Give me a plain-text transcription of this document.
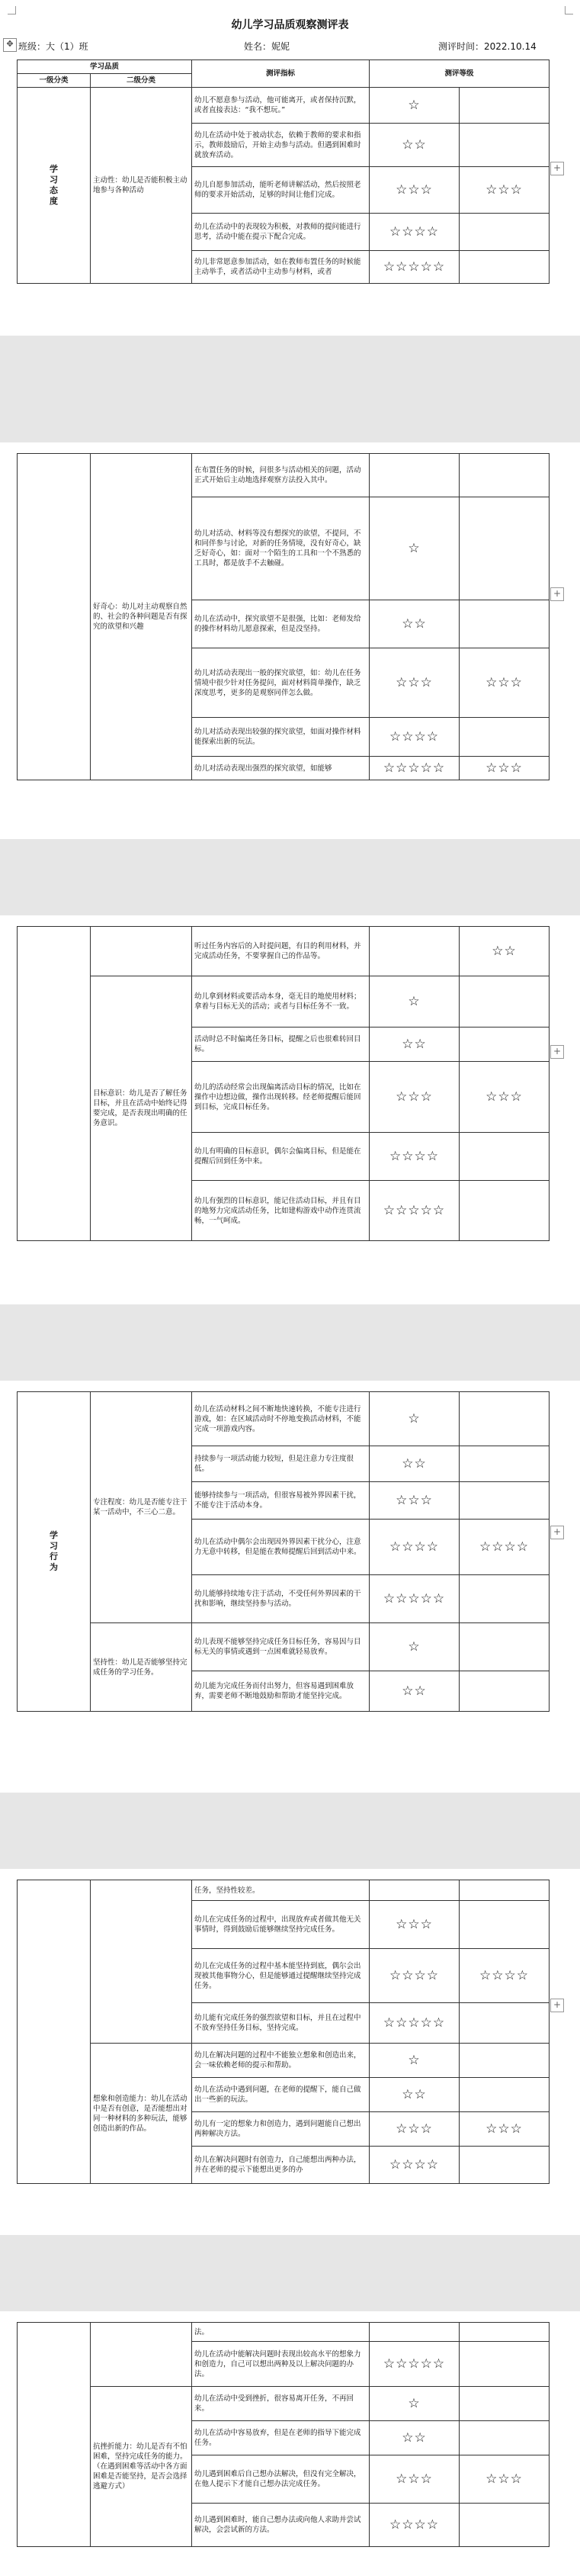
幼儿学习品质观察测评表
✥ 班级：大（1）班	姓名：妮妮	测评时间：2022.10.14
+
学习品质		测评指标	测评等级	
一级分类	二级分类			
学习态度	主动性：幼儿是否能积极主动地参与各种活动	幼儿不愿意参与活动，他可能离开，或者保持沉默，或者直接表达：“我不想玩。”	☆	
		幼儿在活动中处于被动状态，依赖于教师的要求和指示，教师鼓励后，开始主动参与活动。但遇到困难时就放弃活动。	☆☆	
		幼儿自愿参加活动，能听老师讲解活动，然后按照老师的要求开始活动，足够的时间让他们完成。	☆☆☆	☆☆☆
		幼儿在活动中的表现较为积极，对教师的提问能进行思考，活动中能在提示下配合完成。	☆☆☆☆	
		幼儿非常愿意参加活动，如在教师布置任务的时候能主动举手，或者活动中主动参与材料，或者	☆☆☆☆☆	
+
	好奇心：幼儿对主动观察自然的、社会的各种问题是否有探究的欲望和兴趣	在布置任务的时候，问很多与活动相关的问题，活动正式开始后主动地选择观察方法投入其中。		
		幼儿对活动、材料等没有想探究的欲望，不提问，不和同伴参与讨论，对新的任务情境，没有好奇心，缺乏好奇心，如：面对一个陌生的工具和一个不熟悉的工具时，都是放手不去触碰。	☆	
		幼儿在活动中，探究欲望不是很强，比如：老师发给的操作材料幼儿愿意探索，但是没坚持。	☆☆	
		幼儿对活动表现出一般的探究欲望，如：幼儿在任务情境中很少针对任务提问，面对材料简单操作，缺乏深度思考，更多的是观察同伴怎么做。	☆☆☆	☆☆☆
		幼儿对活动表现出较强的探究欲望，如面对操作材料能探索出新的玩法。	☆☆☆☆	
		幼儿对活动表现出强烈的探究欲望，如能够	☆☆☆☆☆	☆☆☆
+
		听过任务内容后的入时提问题，有目的利用材料，并完成活动任务，不要掌握自己的作品等。		☆☆
	目标意识：幼儿是否了解任务目标，并且在活动中始终记得要完成，是否表现出明确的任务意识。	幼儿拿到材料或要活动本身，毫无目的地使用材料；拿着与目标无关的活动；或者与目标任务不一致。	☆	
		活动时总不时偏离任务目标，提醒之后也很难转回目标。	☆☆	
		幼儿的活动经常会出现偏离活动目标的情况，比如在操作中边想边做，操作出现转移。经老师提醒后能回到目标，完成目标任务。	☆☆☆	☆☆☆
		幼儿有明确的目标意识，偶尔会偏离目标，但是能在提醒后回到任务中来。	☆☆☆☆	
		幼儿有强烈的目标意识，能记住活动目标，并且有目的地努力完成活动任务，比如建构游戏中动作连贯流畅，一气呵成。	☆☆☆☆☆	
+
学习行为	专注程度：幼儿是否能专注于某一活动中，不三心二意。	幼儿在活动材料之间不断地快速转换，不能专注进行游戏，如：在区域活动时不停地变换活动材料，不能完成一项游戏内容。	☆	
		持续参与一项活动能力较短，但是注意力专注度很低。	☆☆	
		能够持续参与一项活动，但很容易被外界因素干扰，不能专注于活动本身。	☆☆☆	
		幼儿在活动中偶尔会出现因外界因素干扰分心，注意力无意中转移，但是能在教师提醒后回到活动中来。	☆☆☆☆	☆☆☆☆
		幼儿能够持续地专注于活动，不受任何外界因素的干扰和影响，继续坚持参与活动。	☆☆☆☆☆	
	坚持性：幼儿是否能够坚持完成任务的学习任务。	幼儿表现不能够坚持完成任务目标任务，容易因与目标无关的事情或遇到一点困难就轻易放弃。	☆	
		幼儿能为完成任务而付出努力，但容易遇到困难放弃，需要老师不断地鼓励和帮助才能坚持完成。	☆☆	
+
		任务，坚持性较差。		
		幼儿在完成任务的过程中，出现放弃或者做其他无关事情时，得到鼓励后能够继续坚持完成任务。	☆☆☆	
		幼儿在完成任务的过程中基本能坚持到底，偶尔会出现被其他事物分心，但是能够通过提醒继续坚持完成任务。	☆☆☆☆	☆☆☆☆
		幼儿能有完成任务的强烈欲望和目标，并且在过程中不放弃坚持任务目标，坚持完成。	☆☆☆☆☆	
	想象和创造能力：幼儿在活动中是否有创意，是否能想出对同一种材料的多种玩法，能够创造出新的作品。	幼儿在解决问题的过程中不能独立想象和创造出来，会一味依赖老师的提示和帮助。	☆	
		幼儿在活动中遇到问题，在老师的提醒下，能自己做出一些新的玩法。	☆☆	
		幼儿有一定的想象力和创造力，遇到问题能自己想出两种解决方法。	☆☆☆	☆☆☆
		幼儿在解决问题时有创造力，自己能想出两种办法，并在老师的提示下能想出更多的办	☆☆☆☆	
		法。		
		幼儿在活动中能解决问题时表现出较高水平的想象力和创造力，自己可以想出两种及以上解决问题的办法。	☆☆☆☆☆	
	抗挫折能力：幼儿是否有不怕困难，坚持完成任务的能力。（在遇到困难等活动中各方面困难是否能坚持，是否会选择逃避方式）	幼儿在活动中受到挫折，很容易离开任务，不再回来。	☆	
		幼儿在活动中容易放弃，但是在老师的指导下能完成任务。	☆☆	
		幼儿遇到困难后自己想办法解决，但没有完全解决，在他人提示下才能自己想办法完成任务。	☆☆☆	☆☆☆
		幼儿遇到困难时，能自己想办法或向他人求助并尝试解决，会尝试新的方法。	☆☆☆☆	
